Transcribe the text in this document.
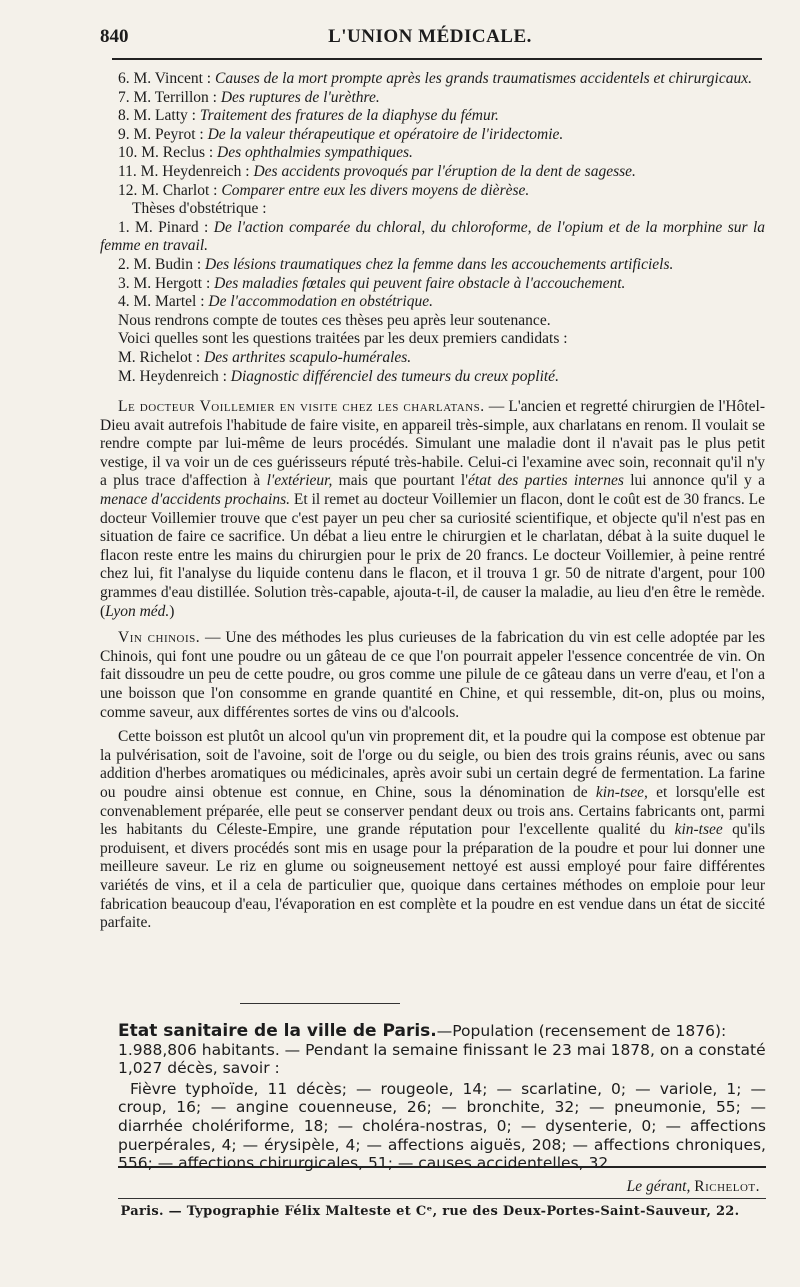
840	L'UNION MÉDICALE.

6. M. Vincent : Causes de la mort prompte après les grands traumatismes accidentels et chirurgicaux.

7. M. Terrillon : Des ruptures de l'urèthre.

8. M. Latty : Traitement des fratures de la diaphyse du fémur.

9. M. Peyrot : De la valeur thérapeutique et opératoire de l'iridectomie.

10. M. Reclus : Des ophthalmies sympathiques.

11. M. Heydenreich : Des accidents provoqués par l'éruption de la dent de sagesse.

12. M. Charlot : Comparer entre eux les divers moyens de dièrèse.

Thèses d'obstétrique :

1. M. Pinard : De l'action comparée du chloral, du chloroforme, de l'opium et de la morphine sur la femme en travail.

2. M. Budin : Des lésions traumatiques chez la femme dans les accouchements artificiels.

3. M. Hergott : Des maladies fœtales qui peuvent faire obstacle à l'accouchement.

4. M. Martel : De l'accommodation en obstétrique.

Nous rendrons compte de toutes ces thèses peu après leur soutenance.

Voici quelles sont les questions traitées par les deux premiers candidats :

M. Richelot : Des arthrites scapulo-humérales.

M. Heydenreich : Diagnostic différenciel des tumeurs du creux poplité.

Le docteur Voillemier en visite chez les charlatans. — L'ancien et regretté chirurgien de l'Hôtel-Dieu avait autrefois l'habitude de faire visite, en appareil très-simple, aux charlatans en renom. Il voulait se rendre compte par lui-même de leurs procédés. Simulant une maladie dont il n'avait pas le plus petit vestige, il va voir un de ces guérisseurs réputé très-habile. Celui-ci l'examine avec soin, reconnait qu'il n'y a plus trace d'affection à l'extérieur, mais que pourtant l'état des parties internes lui annonce qu'il y a menace d'accidents prochains. Et il remet au docteur Voillemier un flacon, dont le coût est de 30 francs. Le docteur Voillemier trouve que c'est payer un peu cher sa curiosité scientifique, et objecte qu'il n'est pas en situation de faire ce sacrifice. Un débat a lieu entre le chirurgien et le charlatan, débat à la suite duquel le flacon reste entre les mains du chirurgien pour le prix de 20 francs. Le docteur Voillemier, à peine rentré chez lui, fit l'analyse du liquide contenu dans le flacon, et il trouva 1 gr. 50 de nitrate d'argent, pour 100 grammes d'eau distillée. Solution très-capable, ajouta-t-il, de causer la maladie, au lieu d'en être le remède. (Lyon méd.)

Vin chinois. — Une des méthodes les plus curieuses de la fabrication du vin est celle adoptée par les Chinois, qui font une poudre ou un gâteau de ce que l'on pourrait appeler l'essence concentrée de vin. On fait dissoudre un peu de cette poudre, ou gros comme une pilule de ce gâteau dans un verre d'eau, et l'on a une boisson que l'on consomme en grande quantité en Chine, et qui ressemble, dit-on, plus ou moins, comme saveur, aux différentes sortes de vins ou d'alcools.

Cette boisson est plutôt un alcool qu'un vin proprement dit, et la poudre qui la compose est obtenue par la pulvérisation, soit de l'avoine, soit de l'orge ou du seigle, ou bien des trois grains réunis, avec ou sans addition d'herbes aromatiques ou médicinales, après avoir subi un certain degré de fermentation. La farine ou poudre ainsi obtenue est connue, en Chine, sous la dénomination de kin-tsee, et lorsqu'elle est convenablement préparée, elle peut se conserver pendant deux ou trois ans. Certains fabricants ont, parmi les habitants du Céleste-Empire, une grande réputation pour l'excellente qualité du kin-tsee qu'ils produisent, et divers procédés sont mis en usage pour la préparation de la poudre et pour lui donner une meilleure saveur. Le riz en glume ou soigneusement nettoyé est aussi employé pour faire différentes variétés de vins, et il a cela de particulier que, quoique dans certaines méthodes on emploie pour leur fabrication beaucoup d'eau, l'évaporation en est complète et la poudre en est vendue dans un état de siccité parfaite.

Etat sanitaire de la ville de Paris.—Population (recensement de 1876): 1.988,806 habitants. — Pendant la semaine finissant le 23 mai 1878, on a constaté 1,027 décès, savoir :

Fièvre typhoïde, 11 décès; — rougeole, 14; — scarlatine, 0; — variole, 1; — croup, 16; — angine couenneuse, 26; — bronchite, 32; — pneumonie, 55; — diarrhée cholériforme, 18; — choléra-nostras, 0; — dysenterie, 0; — affections puerpérales, 4; — érysipèle, 4; — affections aiguës, 208; — affections chroniques, 556; — affections chirurgicales, 51; — causes accidentelles, 32.

Le gérant, Richelot.
Paris. — Typographie Félix Malteste et Cᵉ, rue des Deux-Portes-Saint-Sauveur, 22.
